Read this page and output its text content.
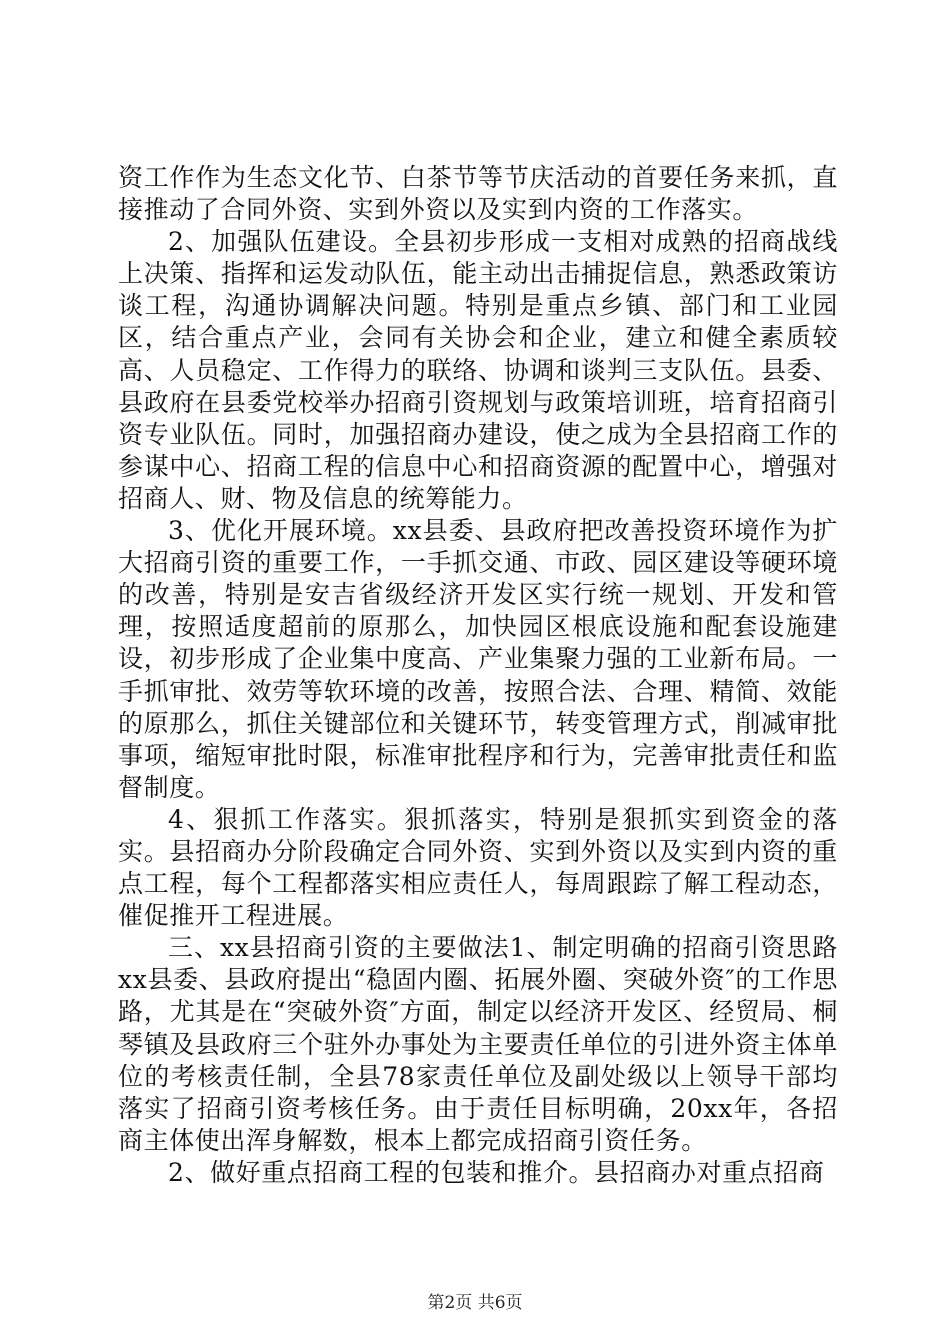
资工作作为生态文化节、白茶节等节庆活动的首要任务来抓，直接推动了合同外资、实到外资以及实到内资的工作落实。

2、加强队伍建设。全县初步形成一支相对成熟的招商战线上决策、指挥和运发动队伍，能主动出击捕捉信息，熟悉政策访谈工程，沟通协调解决问题。特别是重点乡镇、部门和工业园区，结合重点产业，会同有关协会和企业，建立和健全素质较高、人员稳定、工作得力的联络、协调和谈判三支队伍。县委、县政府在县委党校举办招商引资规划与政策培训班，培育招商引资专业队伍。同时，加强招商办建设，使之成为全县招商工作的参谋中心、招商工程的信息中心和招商资源的配置中心，增强对招商人、财、物及信息的统筹能力。

3、优化开展环境。xx县委、县政府把改善投资环境作为扩大招商引资的重要工作，一手抓交通、市政、园区建设等硬环境的改善，特别是安吉省级经济开发区实行统一规划、开发和管理，按照适度超前的原那么，加快园区根底设施和配套设施建设，初步形成了企业集中度高、产业集聚力强的工业新布局。一手抓审批、效劳等软环境的改善，按照合法、合理、精简、效能的原那么，抓住关键部位和关键环节，转变管理方式，削减审批事项，缩短审批时限，标准审批程序和行为，完善审批责任和监督制度。

4、狠抓工作落实。狠抓落实，特别是狠抓实到资金的落实。县招商办分阶段确定合同外资、实到外资以及实到内资的重点工程，每个工程都落实相应责任人，每周跟踪了解工程动态，催促推开工程进展。

三、xx县招商引资的主要做法1、制定明确的招商引资思路xx县委、县政府提出“稳固内圈、拓展外圈、突破外资″的工作思路，尤其是在“突破外资″方面，制定以经济开发区、经贸局、桐琴镇及县政府三个驻外办事处为主要责任单位的引进外资主体单位的考核责任制，全县78家责任单位及副处级以上领导干部均落实了招商引资考核任务。由于责任目标明确，20xx年，各招商主体使出浑身解数，根本上都完成招商引资任务。

2、做好重点招商工程的包装和推介。县招商办对重点招商

第2页 共6页
